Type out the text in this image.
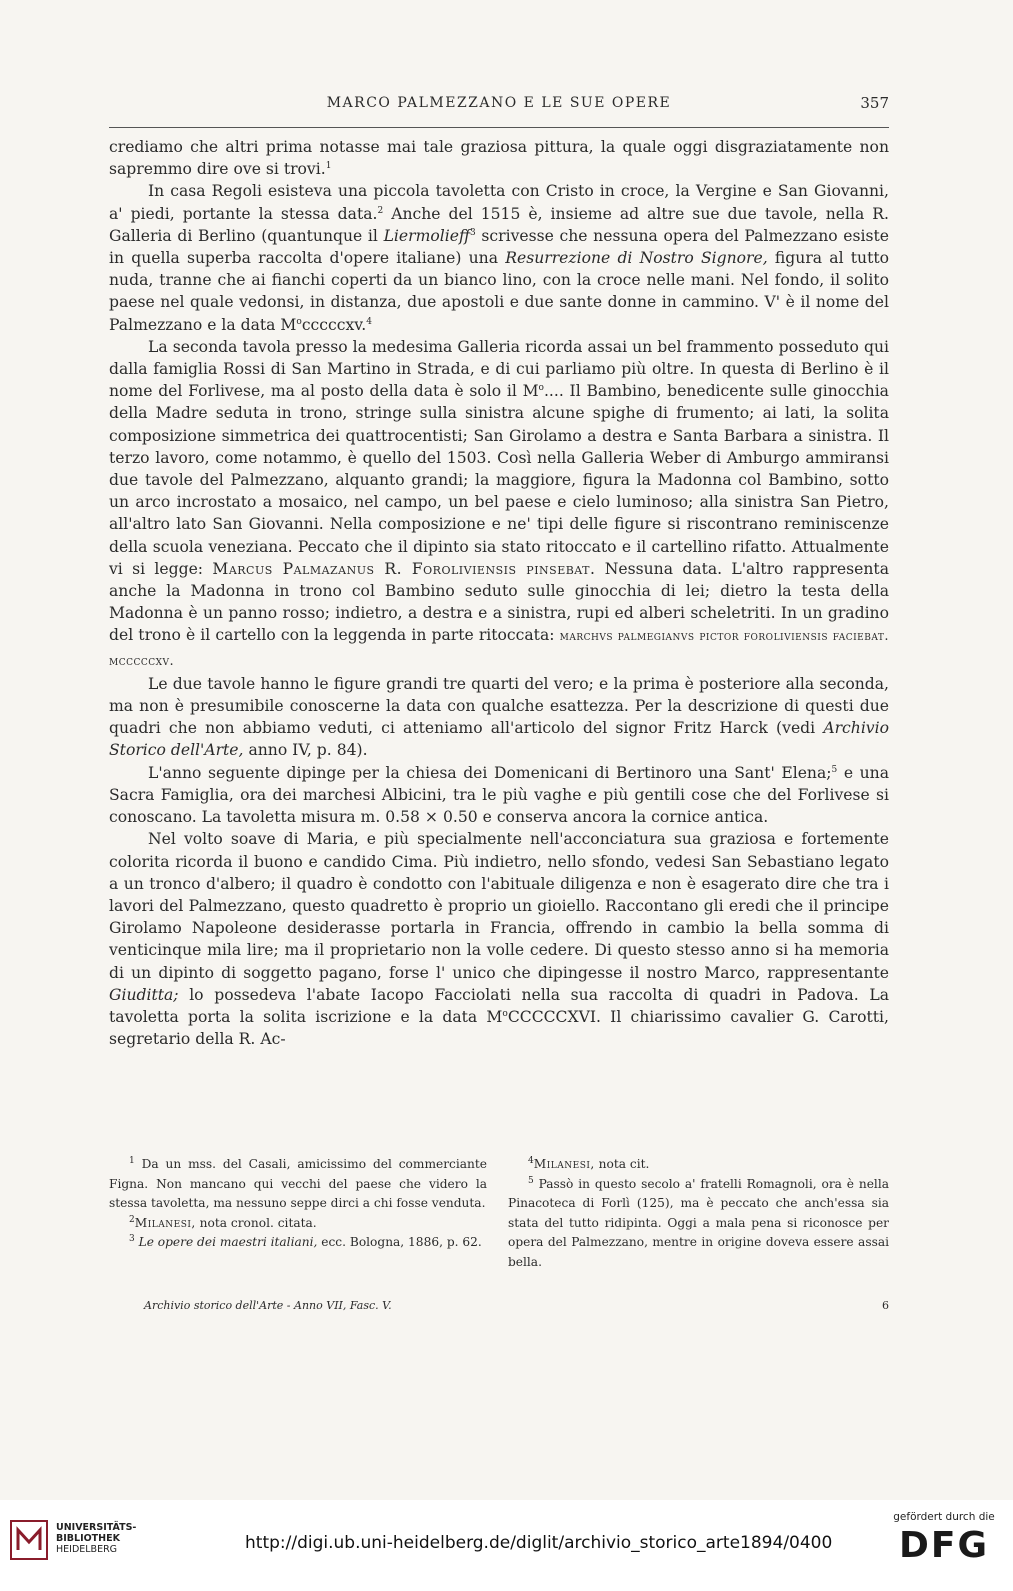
MARCO PALMEZZANO E LE SUE OPERE	357

crediamo che altri prima notasse mai tale graziosa pittura, la quale oggi disgraziatamente non sapremmo dire ove si trovi.$^1$

In casa Regoli esisteva una piccola tavoletta con Cristo in croce, la Vergine e San Giovanni, a' piedi, portante la stessa data.$^2$ Anche del 1515 è, insieme ad altre sue due tavole, nella R. Galleria di Berlino (quantunque il Liermolieff$^3$ scrivesse che nessuna opera del Palmezzano esiste in quella superba raccolta d'opere italiane) una Resurrezione di Nostro Signore, figura al tutto nuda, tranne che ai fianchi coperti da un bianco lino, con la croce nelle mani. Nel fondo, il solito paese nel quale vedonsi, in distanza, due apostoli e due sante donne in cammino. V' è il nome del Palmezzano e la data $M^occcccxv.^4$

La seconda tavola presso la medesima Galleria ricorda assai un bel frammento posseduto qui dalla famiglia Rossi di San Martino in Strada, e di cui parliamo più oltre. In questa di Berlino è il nome del Forlivese, ma al posto della data è solo il $M^o$.... Il Bambino, benedicente sulle ginocchia della Madre seduta in trono, stringe sulla sinistra alcune spighe di frumento; ai lati, la solita composizione simmetrica dei quattrocentisti; San Girolamo a destra e Santa Barbara a sinistra. Il terzo lavoro, come notammo, è quello del 1503. Così nella Galleria Weber di Amburgo ammiransi due tavole del Palmezzano, alquanto grandi; la maggiore, figura la Madonna col Bambino, sotto un arco incrostato a mosaico, nel campo, un bel paese e cielo luminoso; alla sinistra San Pietro, all'altro lato San Giovanni. Nella composizione e ne' tipi delle figure si riscontrano reminiscenze della scuola veneziana. Peccato che il dipinto sia stato ritoccato e il cartellino rifatto. Attualmente vi si legge: Marcus Palmazanus R. Foroliviensis pinsebat. Nessuna data. L'altro rappresenta anche la Madonna in trono col Bambino seduto sulle ginocchia di lei; dietro la testa della Madonna è un panno rosso; indietro, a destra e a sinistra, rupi ed alberi scheletriti. In un gradino del trono è il cartello con la leggenda in parte ritoccata: marchvs palmegianvs pictor foroliviensis faciebat. mcccccxv.

Le due tavole hanno le figure grandi tre quarti del vero; e la prima è posteriore alla seconda, ma non è presumibile conoscerne la data con qualche esattezza. Per la descrizione di questi due quadri che non abbiamo veduti, ci atteniamo all'articolo del signor Fritz Harck (vedi Archivio Storico dell'Arte, anno IV, p. 84).

L'anno seguente dipinge per la chiesa dei Domenicani di Bertinoro una Sant' Elena;$^5$ e una Sacra Famiglia, ora dei marchesi Albicini, tra le più vaghe e più gentili cose che del Forlivese si conoscano. La tavoletta misura m. 0.58 × 0.50 e conserva ancora la cornice antica.

Nel volto soave di Maria, e più specialmente nell'acconciatura sua graziosa e fortemente colorita ricorda il buono e candido Cima. Più indietro, nello sfondo, vedesi San Sebastiano legato a un tronco d'albero; il quadro è condotto con l'abituale diligenza e non è esagerato dire che tra i lavori del Palmezzano, questo quadretto è proprio un gioiello. Raccontano gli eredi che il principe Girolamo Napoleone desiderasse portarla in Francia, offrendo in cambio la bella somma di venticinque mila lire; ma il proprietario non la volle cedere. Di questo stesso anno si ha memoria di un dipinto di soggetto pagano, forse l' unico che dipingesse il nostro Marco, rappresentante Giuditta; lo possedeva l'abate Iacopo Facciolati nella sua raccolta di quadri in Padova. La tavoletta porta la solita iscrizione e la data $M^oCCCCCXVI$. Il chiarissimo cavalier G. Carotti, segretario della R. Ac-

$^1$ Da un mss. del Casali, amicissimo del commerciante Figna. Non mancano qui vecchi del paese che videro la stessa tavoletta, ma nessuno seppe dirci a chi fosse venduta.

$^2$Milanesi, nota cronol. citata.

$^3$ Le opere dei maestri italiani, ecc. Bologna, 1886, p. 62.

$^4$Milanesi, nota cit.

$^5$ Passò in questo secolo a' fratelli Romagnoli, ora è nella Pinacoteca di Forlì (125), ma è peccato che anch'essa sia stata del tutto ridipinta. Oggi a mala pena si riconosce per opera del Palmezzano, mentre in origine doveva essere assai bella.

Archivio storico dell'Arte - Anno VII, Fasc. V.	6
UNIVERSITÄTS-
BIBLIOTHEK
HEIDELBERG	http://digi.ub.uni-heidelberg.de/diglit/archivio_storico_arte1894/0400
gefördert durch die
DFG
